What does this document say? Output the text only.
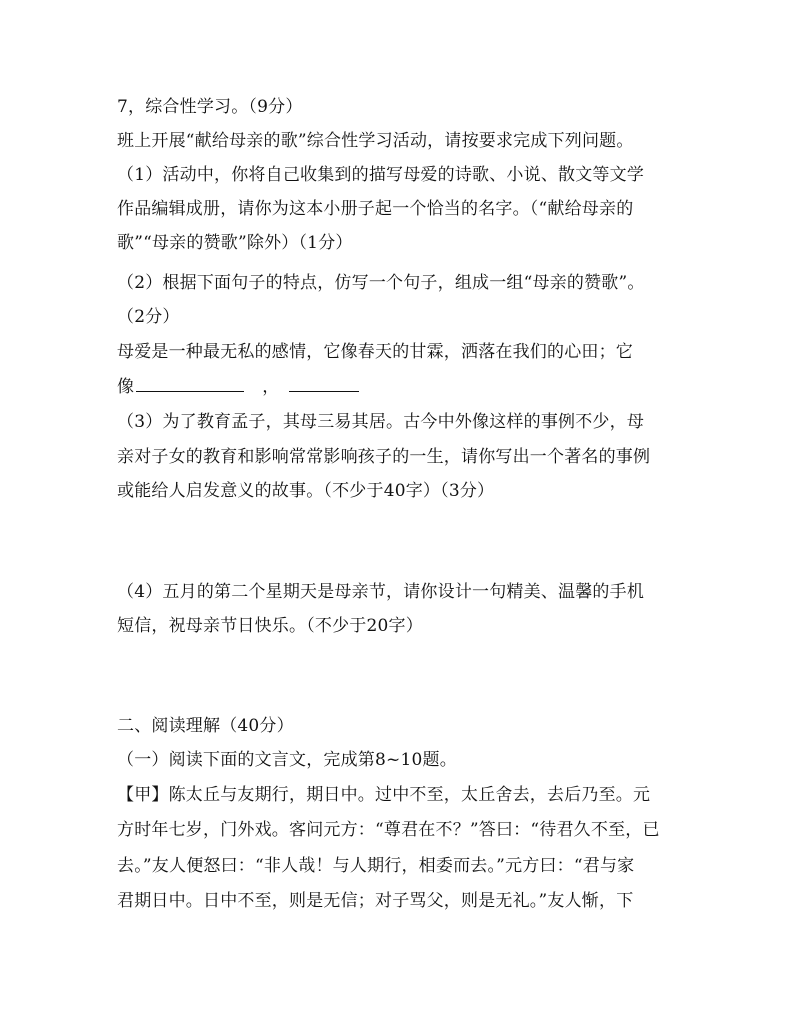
7，综合性学习。（9分）
班上开展“献给母亲的歌”综合性学习活动，请按要求完成下列问题。
（1）活动中，你将自己收集到的描写母爱的诗歌、小说、散文等文学
作品编辑成册，请你为这本小册子起一个恰当的名字。（“献给母亲的
歌”“母亲的赞歌”除外）（1分）
（2）根据下面句子的特点，仿写一个句子，组成一组“母亲的赞歌”。
（2分）
母爱是一种最无私的感情，它像春天的甘霖，洒落在我们的心田；它
像	，
（3）为了教育孟子，其母三易其居。古今中外像这样的事例不少，母
亲对子女的教育和影响常常影响孩子的一生，请你写出一个著名的事例
或能给人启发意义的故事。（不少于40字）（3分）
（4）五月的第二个星期天是母亲节，请你设计一句精美、温馨的手机
短信，祝母亲节日快乐。（不少于20字）
二、阅读理解（40分）
（一）阅读下面的文言文，完成第8~10题。
【甲】陈太丘与友期行，期日中。过中不至，太丘舍去，去后乃至。元
方时年七岁，门外戏。客问元方：“尊君在不？”答曰：“待君久不至，已
去。”友人便怒曰：“非人哉！与人期行，相委而去。”元方曰：“君与家
君期日中。日中不至，则是无信；对子骂父，则是无礼。”友人惭，下
